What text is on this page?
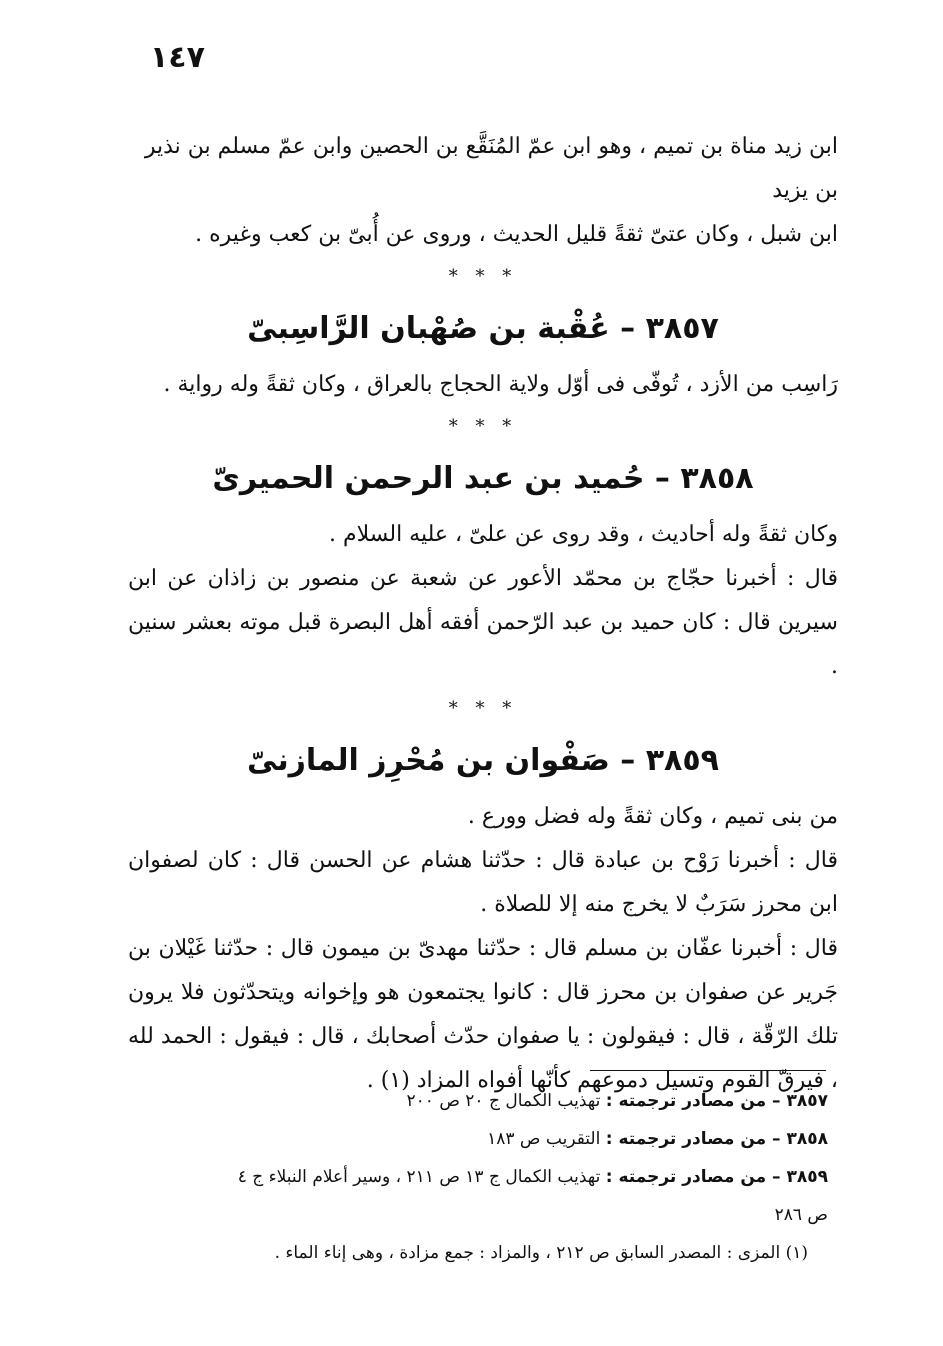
١٤٧

ابن زيد مناة بن تميم ، وهو ابن عمّ المُنَقَّع بن الحصين وابن عمّ مسلم بن نذير بن يزيد

ابن شبل ، وكان عتىّ ثقةً قليل الحديث ، وروى عن أُبىّ بن كعب وغيره .

* * *
٣٨٥٧ – عُقْبة بن صُهْبان الرَّاسِبىّ

رَاسِب من الأزد ، تُوفّى فى أوّل ولاية الحجاج بالعراق ، وكان ثقةً وله رواية .

* * *
٣٨٥٨ – حُميد بن عبد الرحمن الحميرىّ

وكان ثقةً وله أحاديث ، وقد روى عن علىّ ، عليه السلام .

قال : أخبرنا حجّاج بن محمّد الأعور عن شعبة عن منصور بن زاذان عن ابن سيرين قال : كان حميد بن عبد الرّحمن أفقه أهل البصرة قبل موته بعشر سنين .

* * *
٣٨٥٩ – صَفْوان بن مُحْرِز المازنىّ

من بنى تميم ، وكان ثقةً وله فضل وورع .

قال : أخبرنا رَوْح بن عبادة قال : حدّثنا هشام عن الحسن قال : كان لصفوان ابن محرز سَرَبٌ لا يخرج منه إلا للصلاة .

قال : أخبرنا عفّان بن مسلم قال : حدّثنا مهدىّ بن ميمون قال : حدّثنا غَيْلان بن جَرير عن صفوان بن محرز قال : كانوا يجتمعون هو وإخوانه ويتحدّثون فلا يرون تلك الرّقّة ، قال : فيقولون : يا صفوان حدّث أصحابك ، قال : فيقول : الحمد لله ، فيرقّ القوم وتسيل دموعهم كأنّها أفواه المزاد (١) .

٣٨٥٧ – من مصادر ترجمته : تهذيب الكمال ج ٢٠ ص ٢٠٠

٣٨٥٨ – من مصادر ترجمته : التقريب ص ١٨٣

٣٨٥٩ – من مصادر ترجمته : تهذيب الكمال ج ١٣ ص ٢١١ ، وسير أعلام النبلاء ج ٤

ص ٢٨٦

(١) المزى : المصدر السابق ص ٢١٢ ، والمزاد : جمع مزادة ، وهى إناء الماء .
